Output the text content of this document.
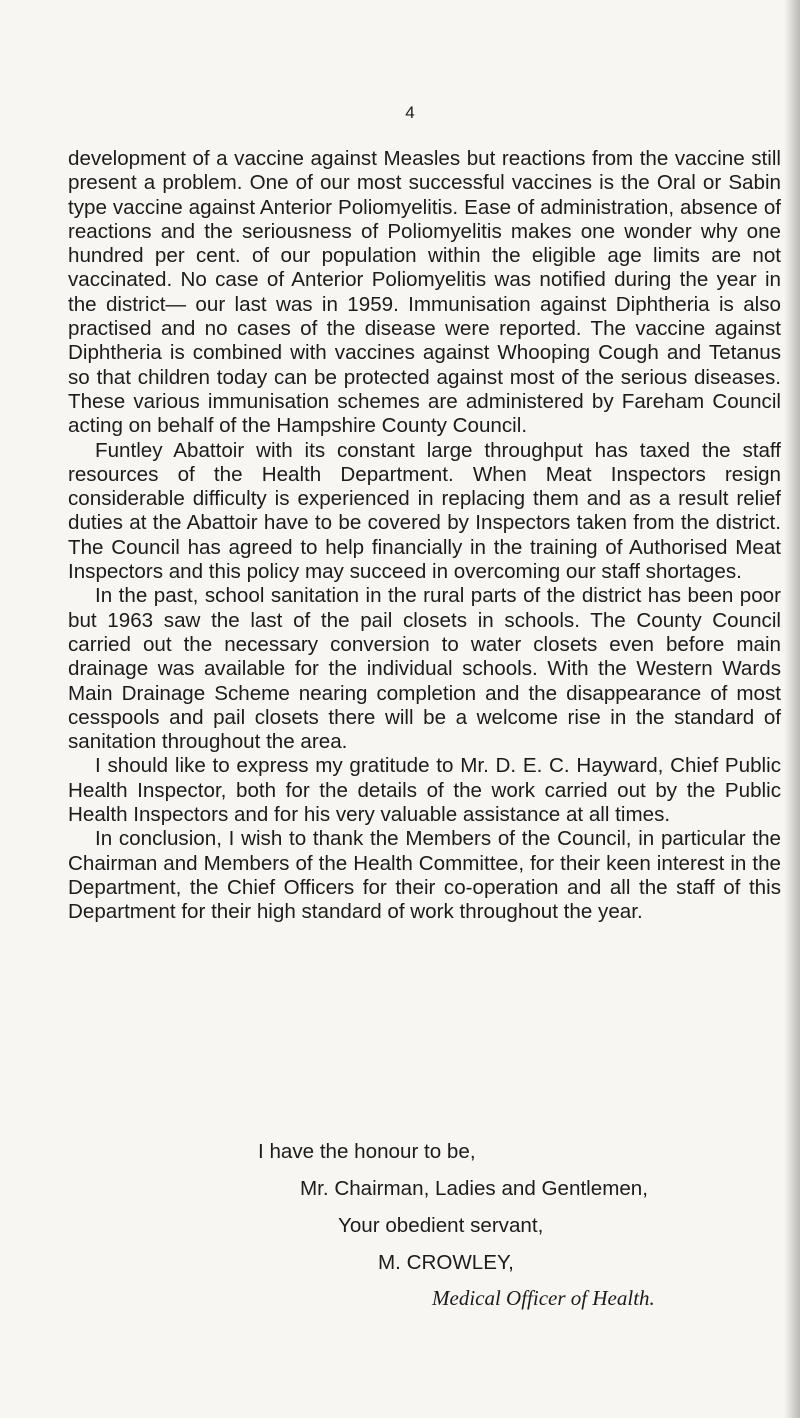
4

development of a vaccine against Measles but reactions from the vaccine still present a problem. One of our most successful vaccines is the Oral or Sabin type vaccine against Anterior Poliomyelitis. Ease of administration, absence of reactions and the seriousness of Poliomyelitis makes one wonder why one hundred per cent. of our population within the eligible age limits are not vaccinated. No case of Anterior Poliomyelitis was notified during the year in the district— our last was in 1959. Immunisation against Diphtheria is also practised and no cases of the disease were reported. The vaccine against Diphtheria is combined with vaccines against Whooping Cough and Tetanus so that children today can be protected against most of the serious diseases. These various immunisation schemes are administered by Fareham Council acting on behalf of the Hampshire County Council.

Funtley Abattoir with its constant large throughput has taxed the staff resources of the Health Department. When Meat Inspectors resign considerable difficulty is experienced in replacing them and as a result relief duties at the Abattoir have to be covered by Inspectors taken from the district. The Council has agreed to help financially in the training of Authorised Meat Inspectors and this policy may succeed in overcoming our staff shortages.

In the past, school sanitation in the rural parts of the district has been poor but 1963 saw the last of the pail closets in schools. The County Council carried out the necessary conversion to water closets even before main drainage was available for the individual schools. With the Western Wards Main Drainage Scheme nearing completion and the disappearance of most cesspools and pail closets there will be a welcome rise in the standard of sanitation throughout the area.

I should like to express my gratitude to Mr. D. E. C. Hayward, Chief Public Health Inspector, both for the details of the work carried out by the Public Health Inspectors and for his very valuable assistance at all times.

In conclusion, I wish to thank the Members of the Council, in particular the Chairman and Members of the Health Committee, for their keen interest in the Department, the Chief Officers for their co-operation and all the staff of this Department for their high standard of work throughout the year.

I have the honour to be,
Mr. Chairman, Ladies and Gentlemen,
Your obedient servant,
M. CROWLEY,
Medical Officer of Health.
